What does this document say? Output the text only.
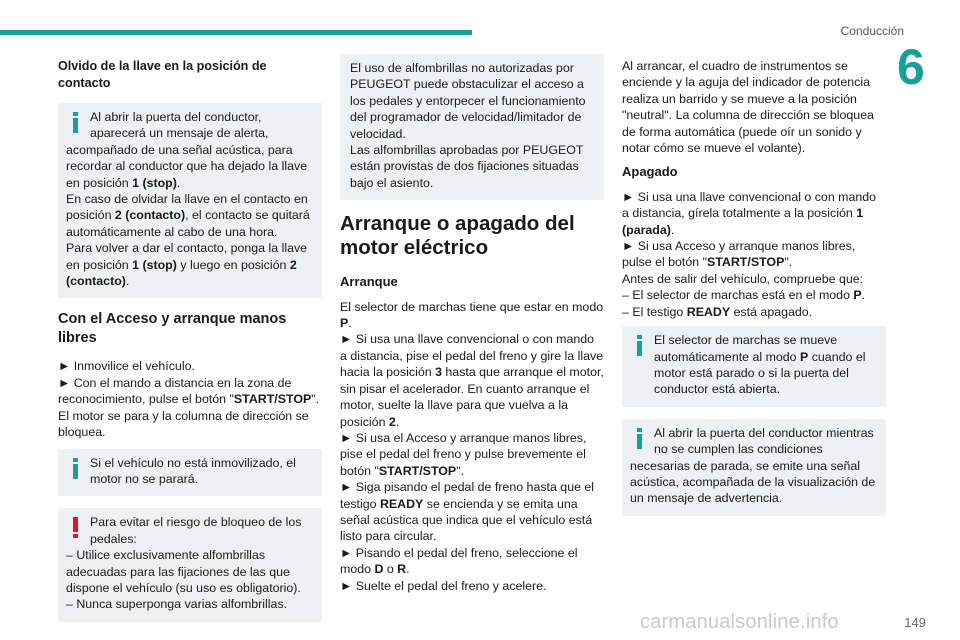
Conducción
6
Olvido de la llave en la posición de contacto

Al abrir la puerta del conductor, aparecerá un mensaje de alerta,

acompañado de una señal acústica, para recordar al conductor que ha dejado la llave en posición 1 (stop).

En caso de olvidar la llave en el contacto en posición 2 (contacto), el contacto se quitará automáticamente al cabo de una hora.

Para volver a dar el contacto, ponga la llave en posición 1 (stop) y luego en posición 2 (contacto).

Con el Acceso y arranque manos libres

► Inmovilice el vehículo.

► Con el mando a distancia en la zona de reconocimiento, pulse el botón "START/STOP".

El motor se para y la columna de dirección se bloquea.

Si el vehículo no está inmovilizado, el motor no se parará.

Para evitar el riesgo de bloqueo de los pedales:

– Utilice exclusivamente alfombrillas adecuadas para las fijaciones de las que dispone el vehículo (su uso es obligatorio).

– Nunca superponga varias alfombrillas.

El uso de alfombrillas no autorizadas por PEUGEOT puede obstaculizar el acceso a los pedales y entorpecer el funcionamiento del programador de velocidad/limitador de velocidad.

Las alfombrillas aprobadas por PEUGEOT están provistas de dos fijaciones situadas bajo el asiento.

Arranque o apagado del motor eléctrico
Arranque

El selector de marchas tiene que estar en modo P.

► Si usa una llave convencional o con mando a distancia, pise el pedal del freno y gire la llave hacia la posición 3 hasta que arranque el motor, sin pisar el acelerador. En cuanto arranque el motor, suelte la llave para que vuelva a la posición 2.

► Si usa el Acceso y arranque manos libres, pise el pedal del freno y pulse brevemente el botón "START/STOP".

► Siga pisando el pedal de freno hasta que el testigo READY se encienda y se emita una señal acústica que indica que el vehículo está listo para circular.

► Pisando el pedal del freno, seleccione el modo D o R.

► Suelte el pedal del freno y acelere.

Al arrancar, el cuadro de instrumentos se enciende y la aguja del indicador de potencia realiza un barrido y se mueve a la posición "neutral". La columna de dirección se bloquea de forma automática (puede oír un sonido y notar cómo se mueve el volante).

Apagado

► Si usa una llave convencional o con mando a distancia, gírela totalmente a la posición 1 (parada).

► Si usa Acceso y arranque manos libres, pulse el botón "START/STOP".

Antes de salir del vehículo, compruebe que:

– El selector de marchas está en el modo P.

– El testigo READY está apagado.

El selector de marchas se mueve automáticamente al modo P cuando el motor está parado o si la puerta del conductor está abierta.

Al abrir la puerta del conductor mientras no se cumplen las condiciones

necesarias de parada, se emite una señal acústica, acompañada de la visualización de un mensaje de advertencia.

149
carmanualsonline.info
